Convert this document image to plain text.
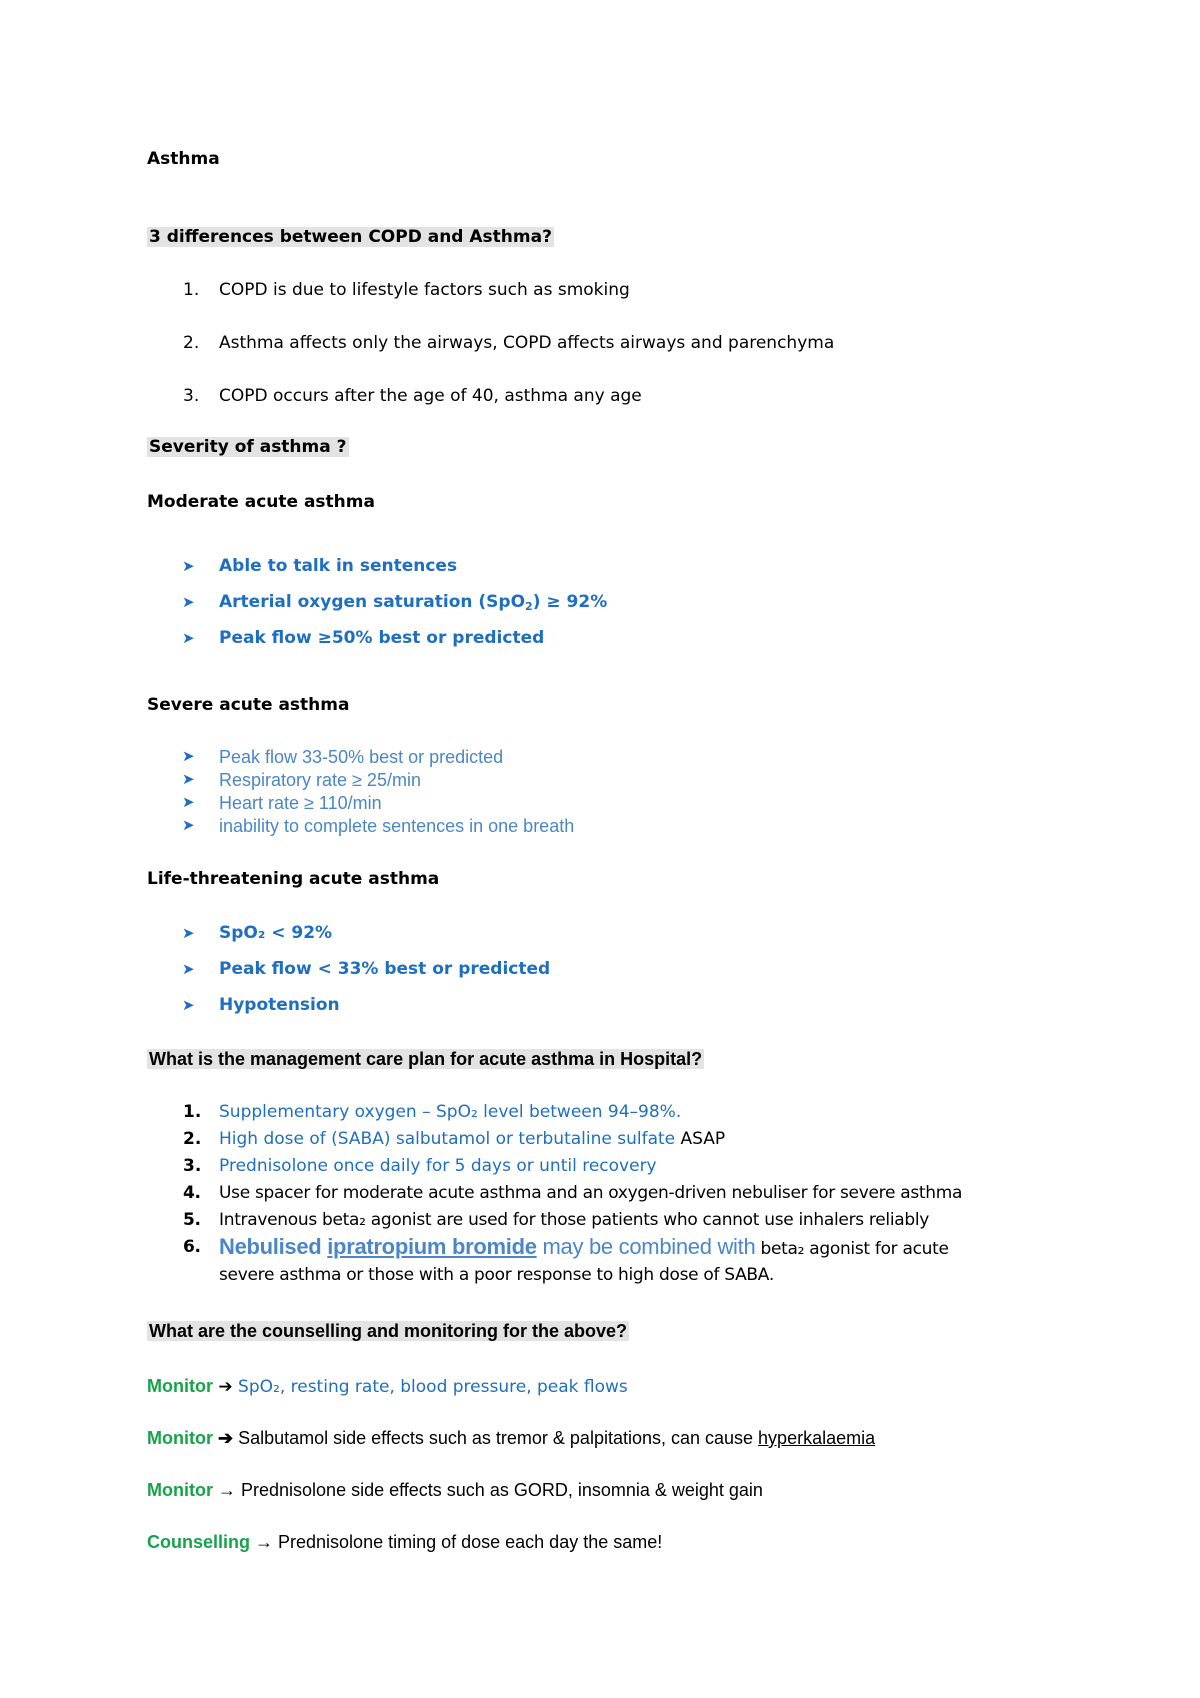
Asthma
3 differences between COPD and Asthma?
1. COPD is due to lifestyle factors such as smoking
2. Asthma affects only the airways, COPD affects airways and parenchyma
3. COPD occurs after the age of 40, asthma any age
Severity of asthma ?
Moderate acute asthma
➤ Able to talk in sentences
➤ Arterial oxygen saturation (SpO$_2$) ≥ 92%
➤ Peak flow ≥50% best or predicted
Severe acute asthma
➤ Peak flow 33-50% best or predicted
➤ Respiratory rate ≥ 25/min
➤ Heart rate ≥ 110/min
➤ inability to complete sentences in one breath
Life-threatening acute asthma
➤ SpO₂ < 92%
➤ Peak flow < 33% best or predicted
➤ Hypotension
What is the management care plan for acute asthma in Hospital?
1. Supplementary oxygen – SpO₂ level between 94–98%.
2. High dose of (SABA) salbutamol or terbutaline sulfate ASAP
3. Prednisolone once daily for 5 days or until recovery
4. Use spacer for moderate acute asthma and an oxygen-driven nebuliser for severe asthma
5. Intravenous beta₂ agonist are used for those patients who cannot use inhalers reliably
6. Nebulised ipratropium bromide may be combined with beta₂ agonist for acute
severe asthma or those with a poor response to high dose of SABA.
What are the counselling and monitoring for the above?
Monitor ➔ SpO₂, resting rate, blood pressure, peak flows
Monitor ➔ Salbutamol side effects such as tremor & palpitations, can cause hyperkalaemia
Monitor → Prednisolone side effects such as GORD, insomnia & weight gain
Counselling → Prednisolone timing of dose each day the same!
